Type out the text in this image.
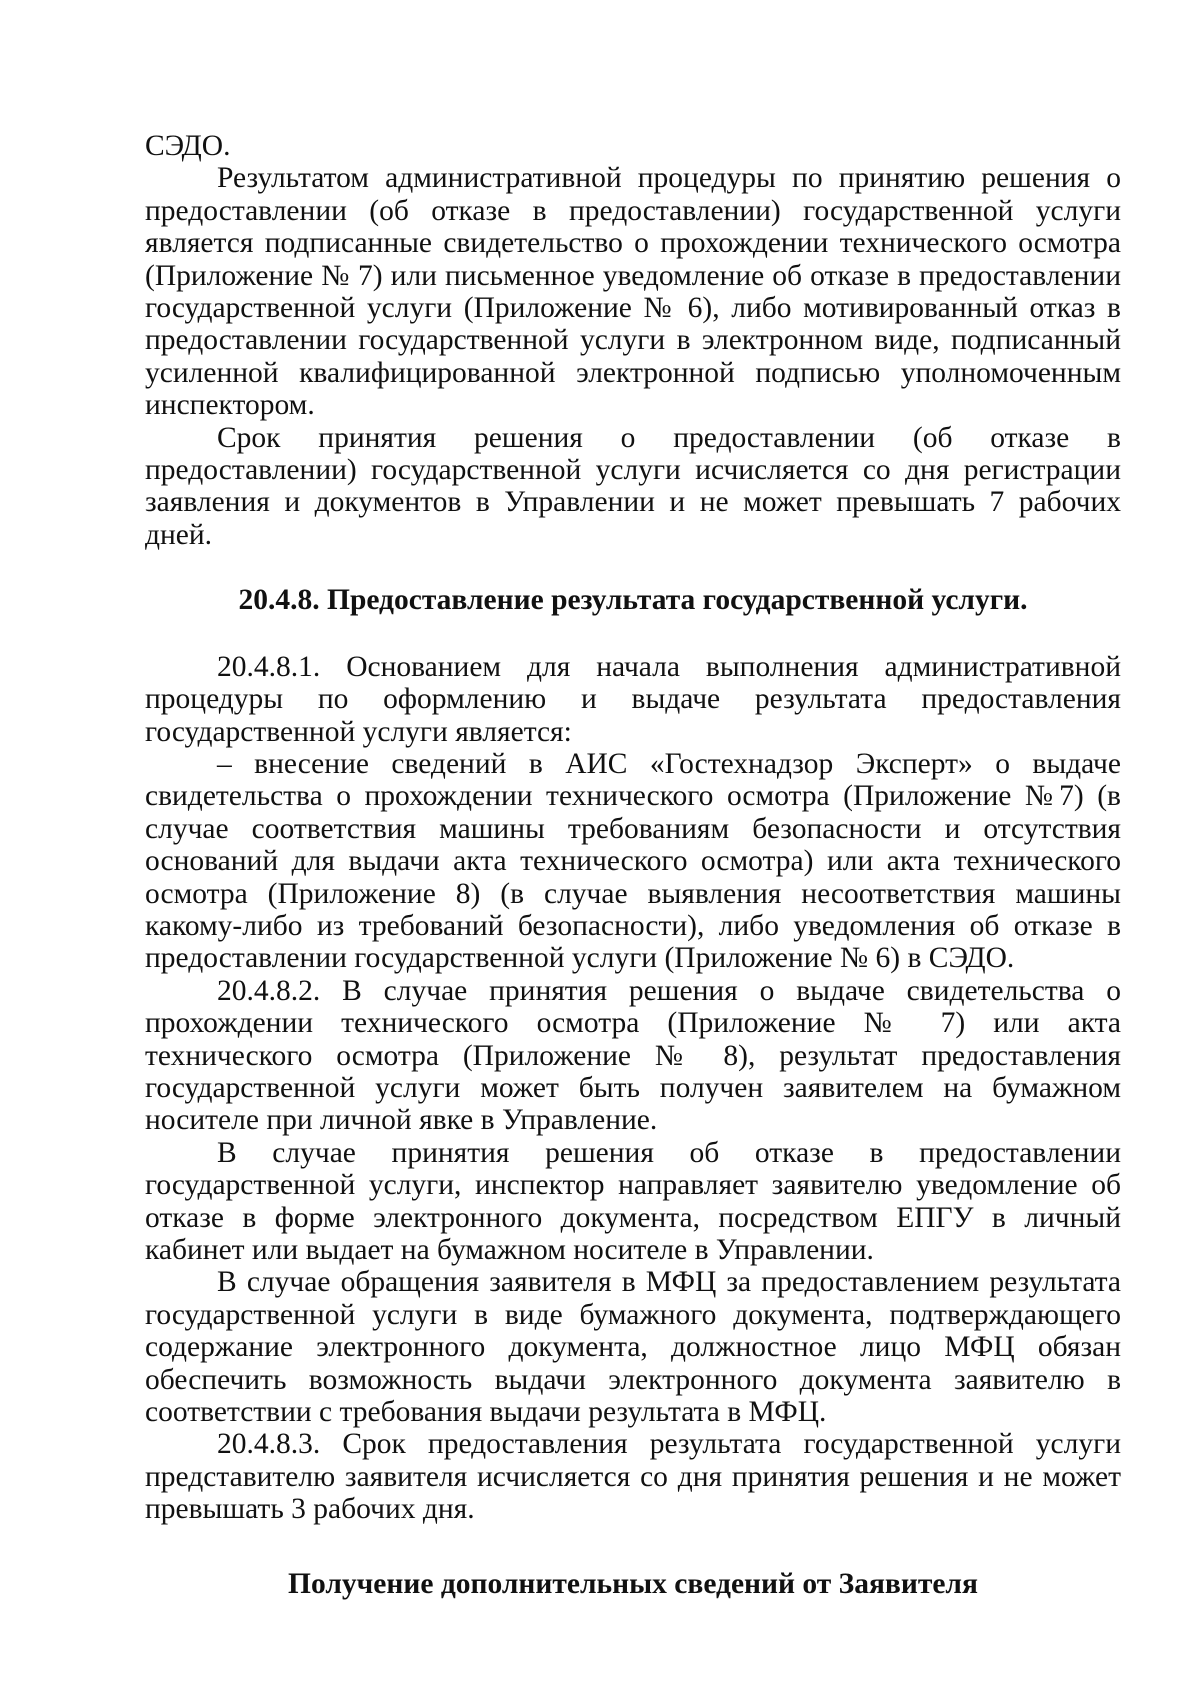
СЭДО.

Результатом административной процедуры по принятию решения о предоставлении (об отказе в предоставлении) государственной услуги является подписанные свидетельство о прохождении технического осмотра (Приложение № 7) или письменное уведомление об отказе в предоставлении государственной услуги (Приложение № 6), либо мотивированный отказ в предоставлении государственной услуги в электронном виде, подписанный усиленной квалифицированной электронной подписью уполномоченным инспектором.

Срок принятия решения о предоставлении (об отказе в предоставлении) государственной услуги исчисляется со дня регистрации заявления и документов в Управлении и не может превышать 7 рабочих дней.

20.4.8. Предоставление результата государственной услуги.

20.4.8.1. Основанием для начала выполнения административной процедуры по оформлению и выдаче результата предоставления государственной услуги является:

– внесение сведений в АИС «Гостехнадзор Эксперт» о выдаче свидетельства о прохождении технического осмотра (Приложение №7) (в случае соответствия машины требованиям безопасности и отсутствия оснований для выдачи акта технического осмотра) или акта технического осмотра (Приложение 8) (в случае выявления несоответствия машины какому-либо из требований безопасности), либо уведомления об отказе в предоставлении государственной услуги (Приложение № 6) в СЭДО.

20.4.8.2. В случае принятия решения о выдаче свидетельства о прохождении технического осмотра (Приложение № 7) или акта технического осмотра (Приложение № 8), результат предоставления государственной услуги может быть получен заявителем на бумажном носителе при личной явке в Управление.

В случае принятия решения об отказе в предоставлении государственной услуги, инспектор направляет заявителю уведомление об отказе в форме электронного документа, посредством ЕПГУ в личный кабинет или выдает на бумажном носителе в Управлении.

В случае обращения заявителя в МФЦ за предоставлением результата государственной услуги в виде бумажного документа, подтверждающего содержание электронного документа, должностное лицо МФЦ обязан обеспечить возможность выдачи электронного документа заявителю в соответствии с требования выдачи результата в МФЦ.

20.4.8.3. Срок предоставления результата государственной услуги представителю заявителя исчисляется со дня принятия решения и не может превышать 3 рабочих дня.

Получение дополнительных сведений от Заявителя
